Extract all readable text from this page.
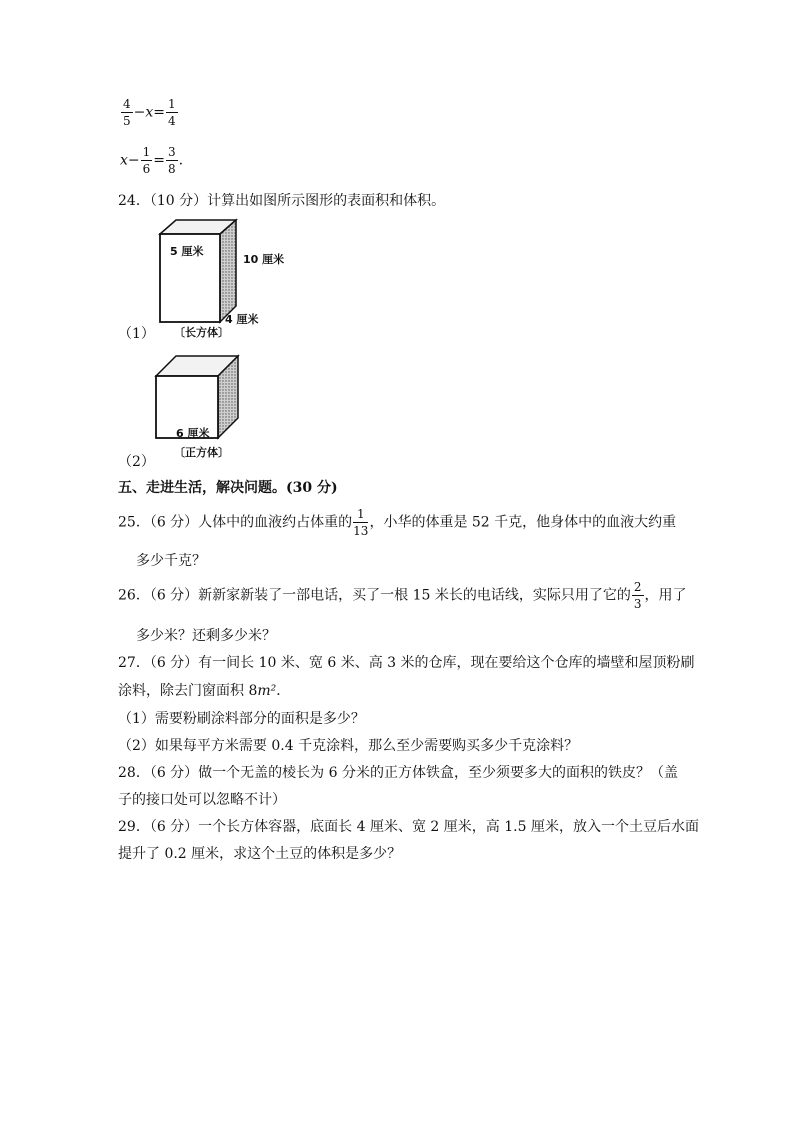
$\frac{4}{5} -x= \frac{1}{4}$
$x- \frac{1}{6} = \frac{3}{8}$ .
24．（10 分）计算出如图所示图形的表面积和体积。
（1）
5 厘米
10 厘米
4 厘米
〔长方体〕
（2）
6 厘米
〔正方体〕
五、走进生活，解决问题。(30 分)
25．（6 分）人体中的血液约占体重的 $\frac{1}{13}$ ，小华的体重是 52 千克，他身体中的血液大约重
多少千克？
26．（6 分）新新家新装了一部电话，买了一根 15 米长的电话线，实际只用了它的 $\frac{2}{3}$ ，用了
多少米？还剩多少米？
27．（6 分）有一间长 10 米、宽 6 米、高 3 米的仓库，现在要给这个仓库的墙壁和屋顶粉刷
涂料，除去门窗面积 8m²．
（1）需要粉刷涂料部分的面积是多少？
（2）如果每平方米需要 0.4 千克涂料，那么至少需要购买多少千克涂料？
28．（6 分）做一个无盖的棱长为 6 分米的正方体铁盒，至少须要多大的面积的铁皮？（盖
子的接口处可以忽略不计）
29．（6 分）一个长方体容器，底面长 4 厘米、宽 2 厘米，高 1.5 厘米，放入一个土豆后水面
提升了 0.2 厘米，求这个土豆的体积是多少？
